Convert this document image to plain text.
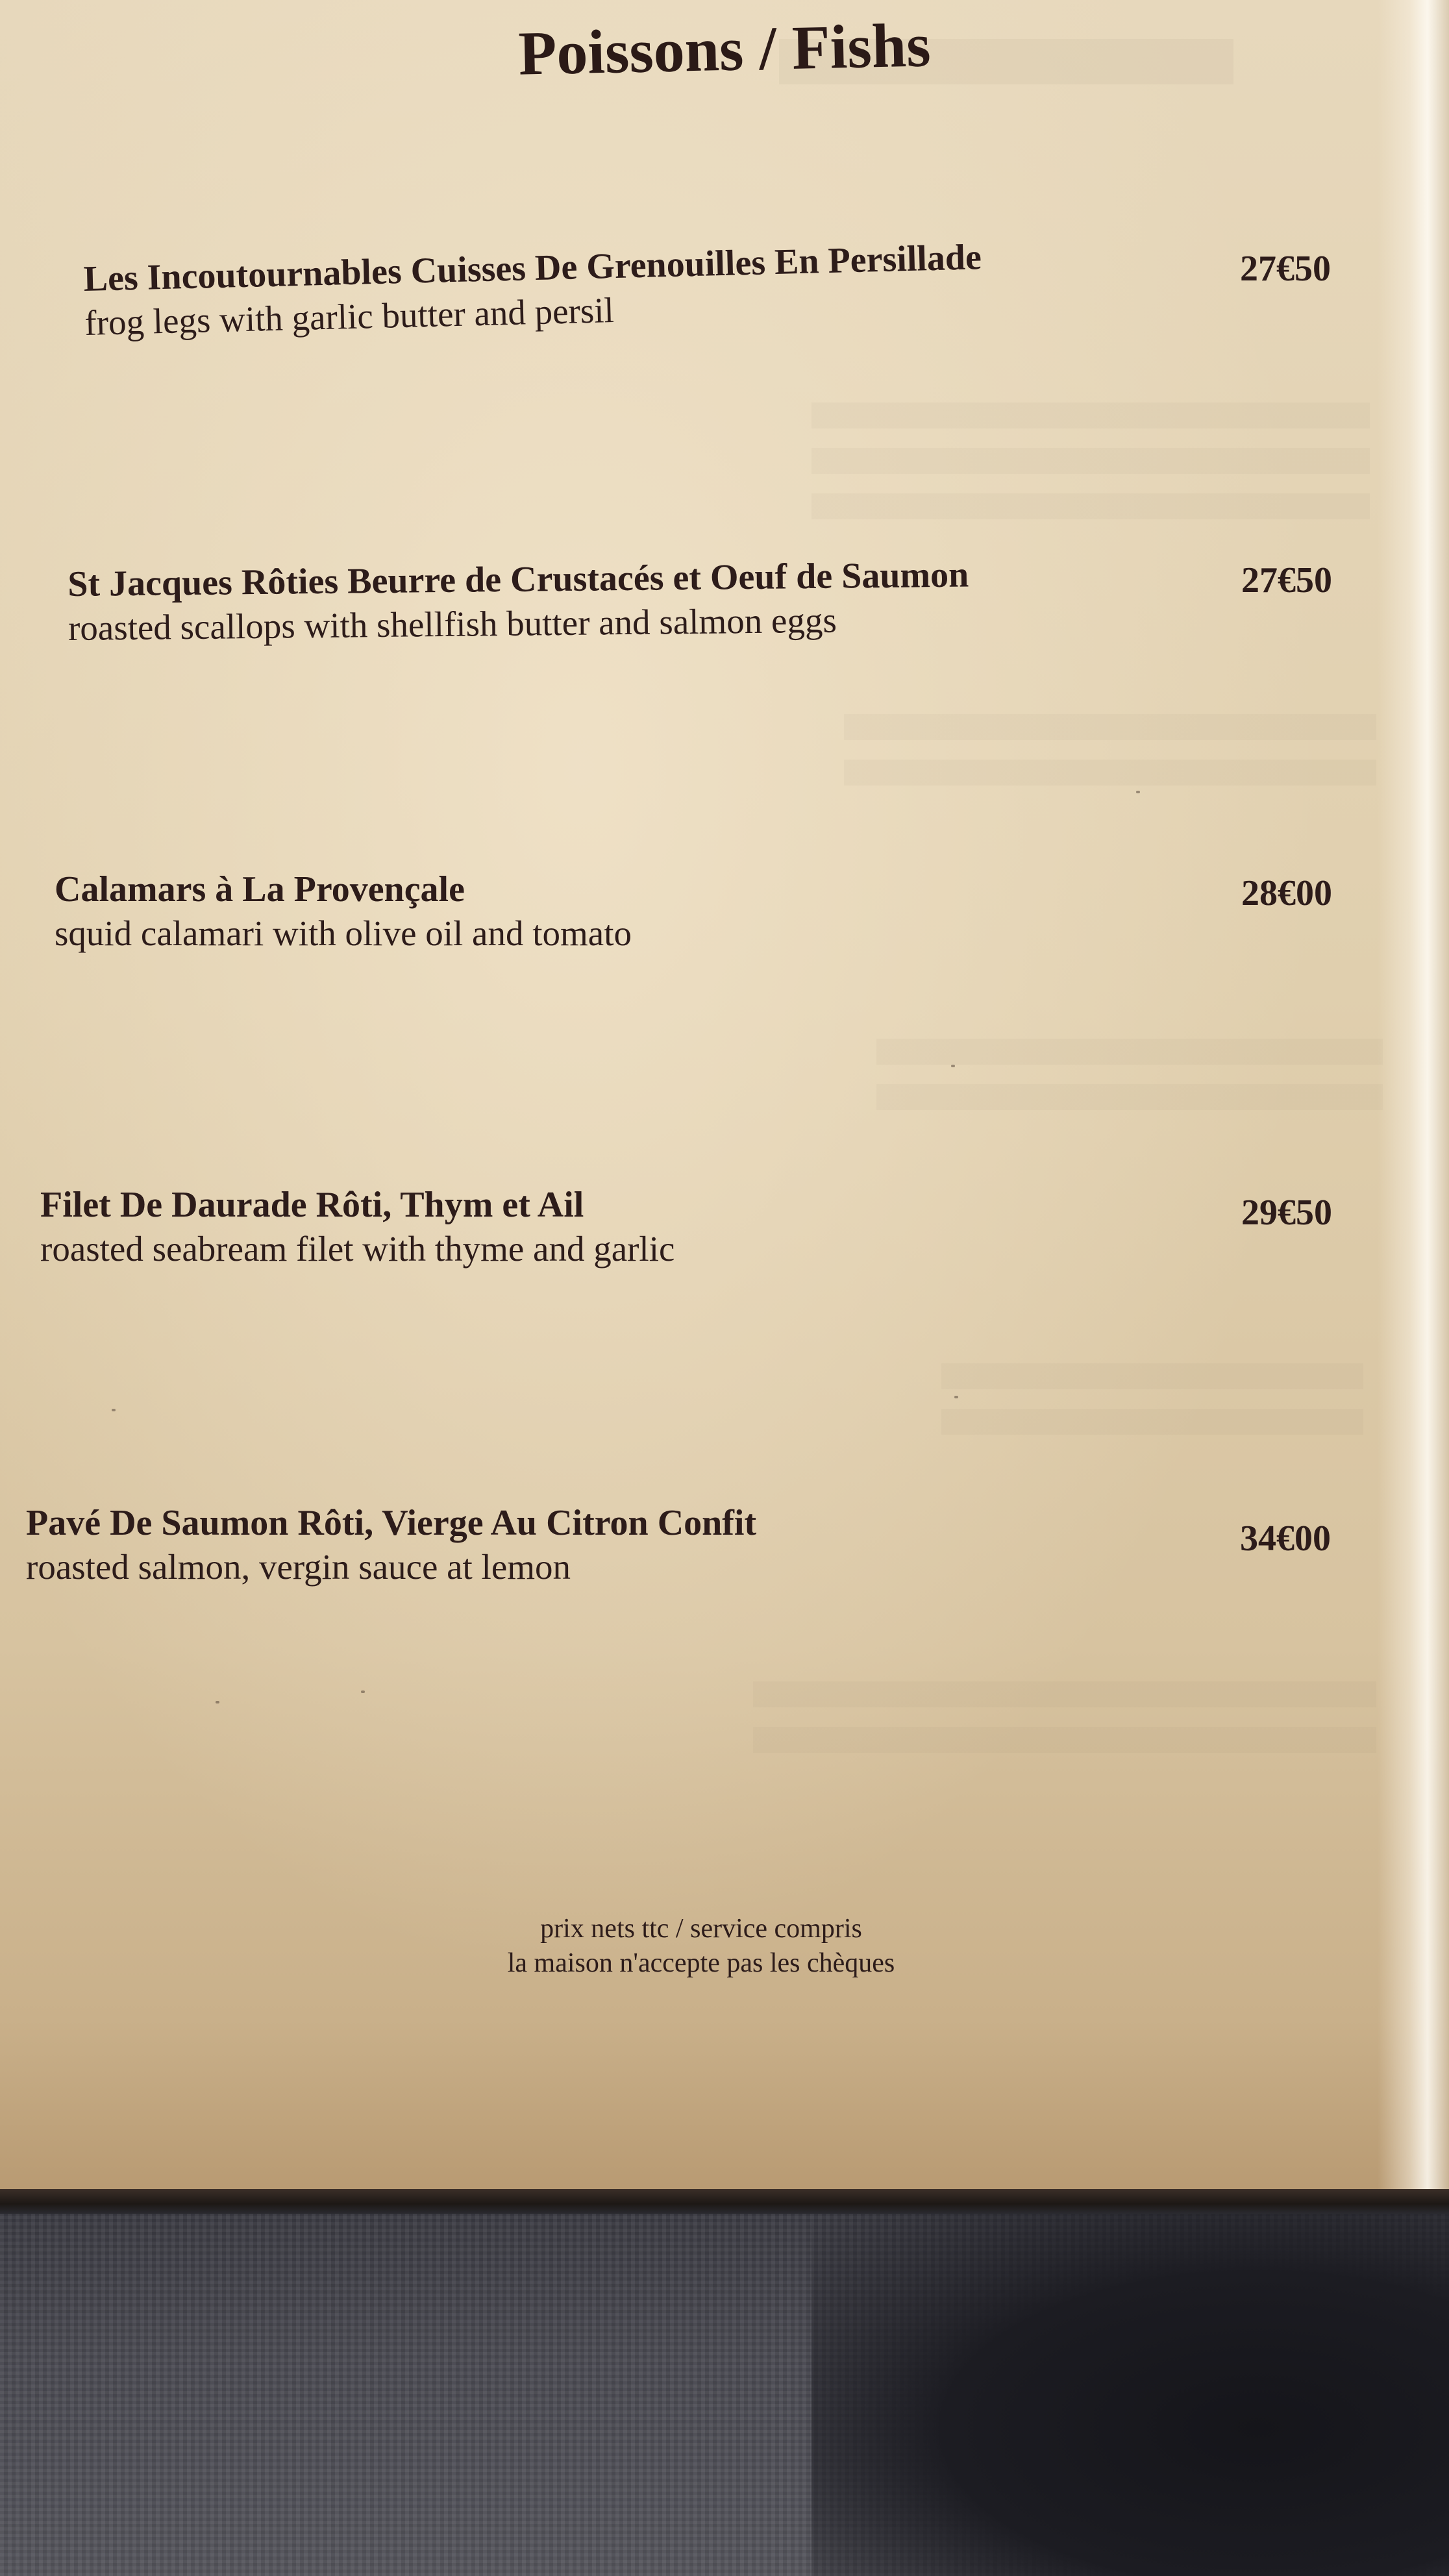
Poissons / Fishs
Les Incoutournables Cuisses De Grenouilles En Persillade
frog legs with garlic butter and persil
27€50
St Jacques Rôties Beurre de Crustacés et Oeuf de Saumon
roasted scallops with shellfish butter and salmon eggs
27€50
Calamars à La Provençale
squid calamari with olive oil and tomato
28€00
Filet De Daurade Rôti, Thym et Ail
roasted seabream filet with thyme and garlic
29€50
Pavé De Saumon Rôti, Vierge Au Citron Confit
roasted salmon, vergin sauce at lemon
34€00
prix nets ttc / service compris
la maison n'accepte pas les chèques
